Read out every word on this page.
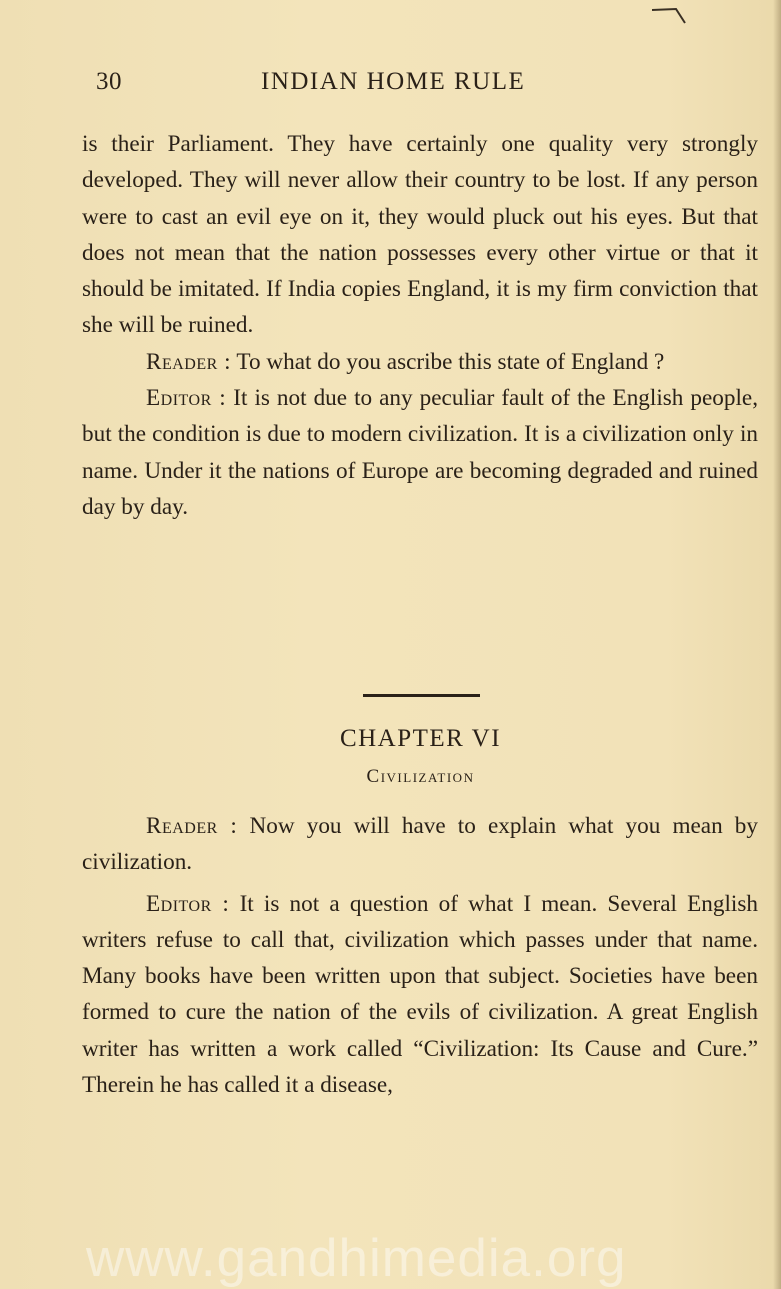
30	INDIAN HOME RULE

is their Parliament. They have certainly one quality very strongly developed. They will never allow their country to be lost. If any person were to cast an evil eye on it, they would pluck out his eyes. But that does not mean that the nation possesses every other virtue or that it should be imitated. If India copies England, it is my firm conviction that she will be ruined.

Reader : To what do you ascribe this state of England ?

Editor : It is not due to any peculiar fault of the English people, but the condition is due to modern civilization. It is a civilization only in name. Under it the nations of Europe are becoming degraded and ruined day by day.

CHAPTER VI
Civilization

Reader : Now you will have to explain what you mean by civilization.

Editor : It is not a question of what I mean. Several English writers refuse to call that, civilization which passes under that name. Many books have been written upon that subject. Societies have been formed to cure the nation of the evils of civilization. A great English writer has written a work called “Civilization: Its Cause and Cure.” Therein he has called it a disease,

www.gandhimedia.org
